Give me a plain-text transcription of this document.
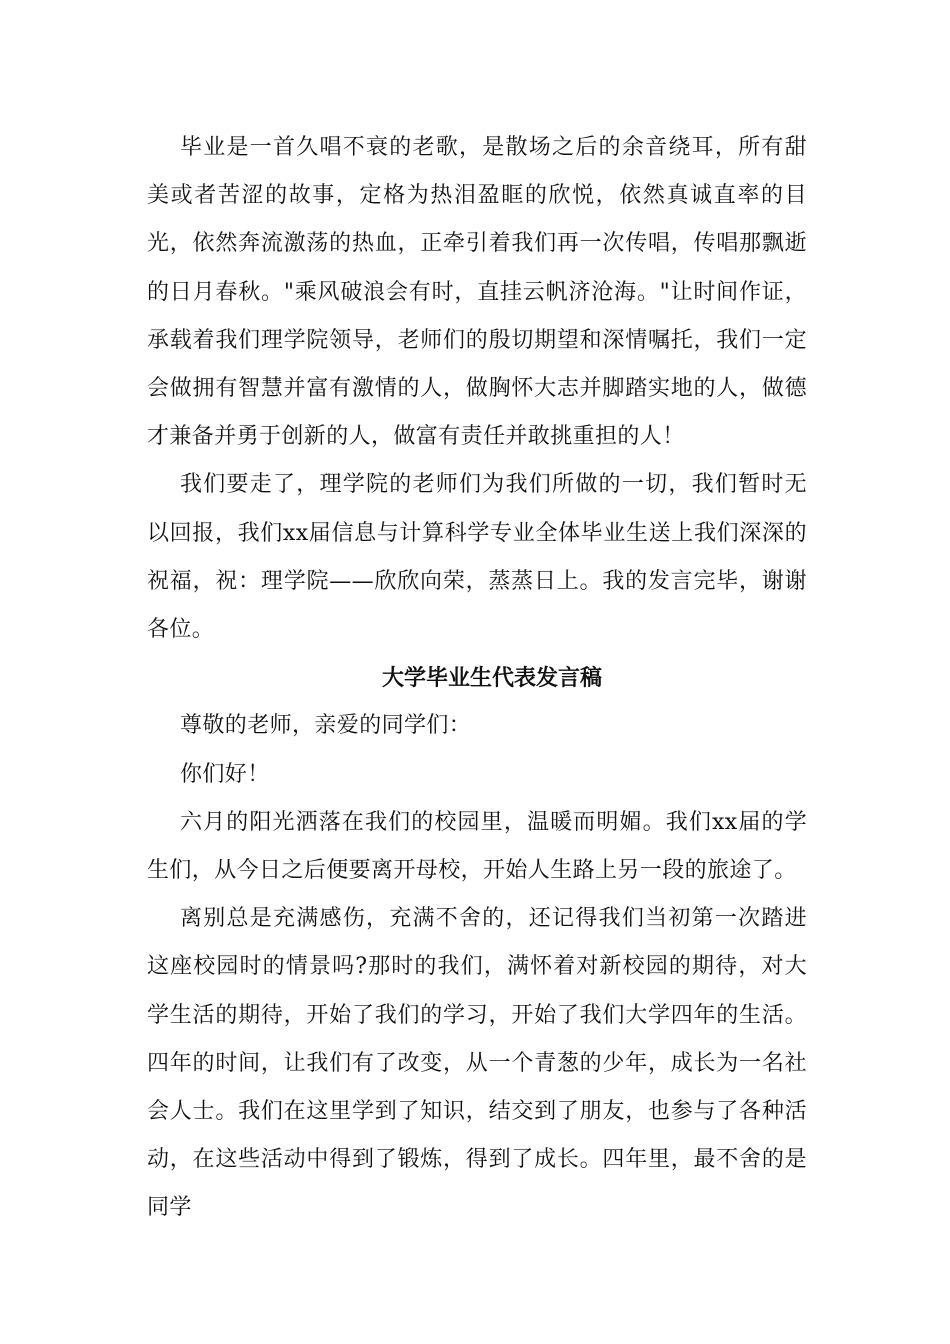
毕业是一首久唱不衰的老歌，是散场之后的余音绕耳，所有甜美或者苦涩的故事，定格为热泪盈眶的欣悦，依然真诚直率的目光，依然奔流激荡的热血，正牵引着我们再一次传唱，传唱那飘逝的日月春秋。"乘风破浪会有时，直挂云帆济沧海。"让时间作证，承载着我们理学院领导，老师们的殷切期望和深情嘱托，我们一定会做拥有智慧并富有激情的人，做胸怀大志并脚踏实地的人，做德才兼备并勇于创新的人，做富有责任并敢挑重担的人！

我们要走了，理学院的老师们为我们所做的一切，我们暂时无以回报，我们xx届信息与计算科学专业全体毕业生送上我们深深的祝福，祝：理学院——欣欣向荣，蒸蒸日上。我的发言完毕，谢谢各位。

大学毕业生代表发言稿

尊敬的老师，亲爱的同学们：

你们好！

六月的阳光洒落在我们的校园里，温暖而明媚。我们xx届的学生们，从今日之后便要离开母校，开始人生路上另一段的旅途了。

离别总是充满感伤，充满不舍的，还记得我们当初第一次踏进这座校园时的情景吗?那时的我们，满怀着对新校园的期待，对大学生活的期待，开始了我们的学习，开始了我们大学四年的生活。四年的时间，让我们有了改变，从一个青葱的少年，成长为一名社会人士。我们在这里学到了知识，结交到了朋友，也参与了各种活动，在这些活动中得到了锻炼，得到了成长。四年里，最不舍的是同学
